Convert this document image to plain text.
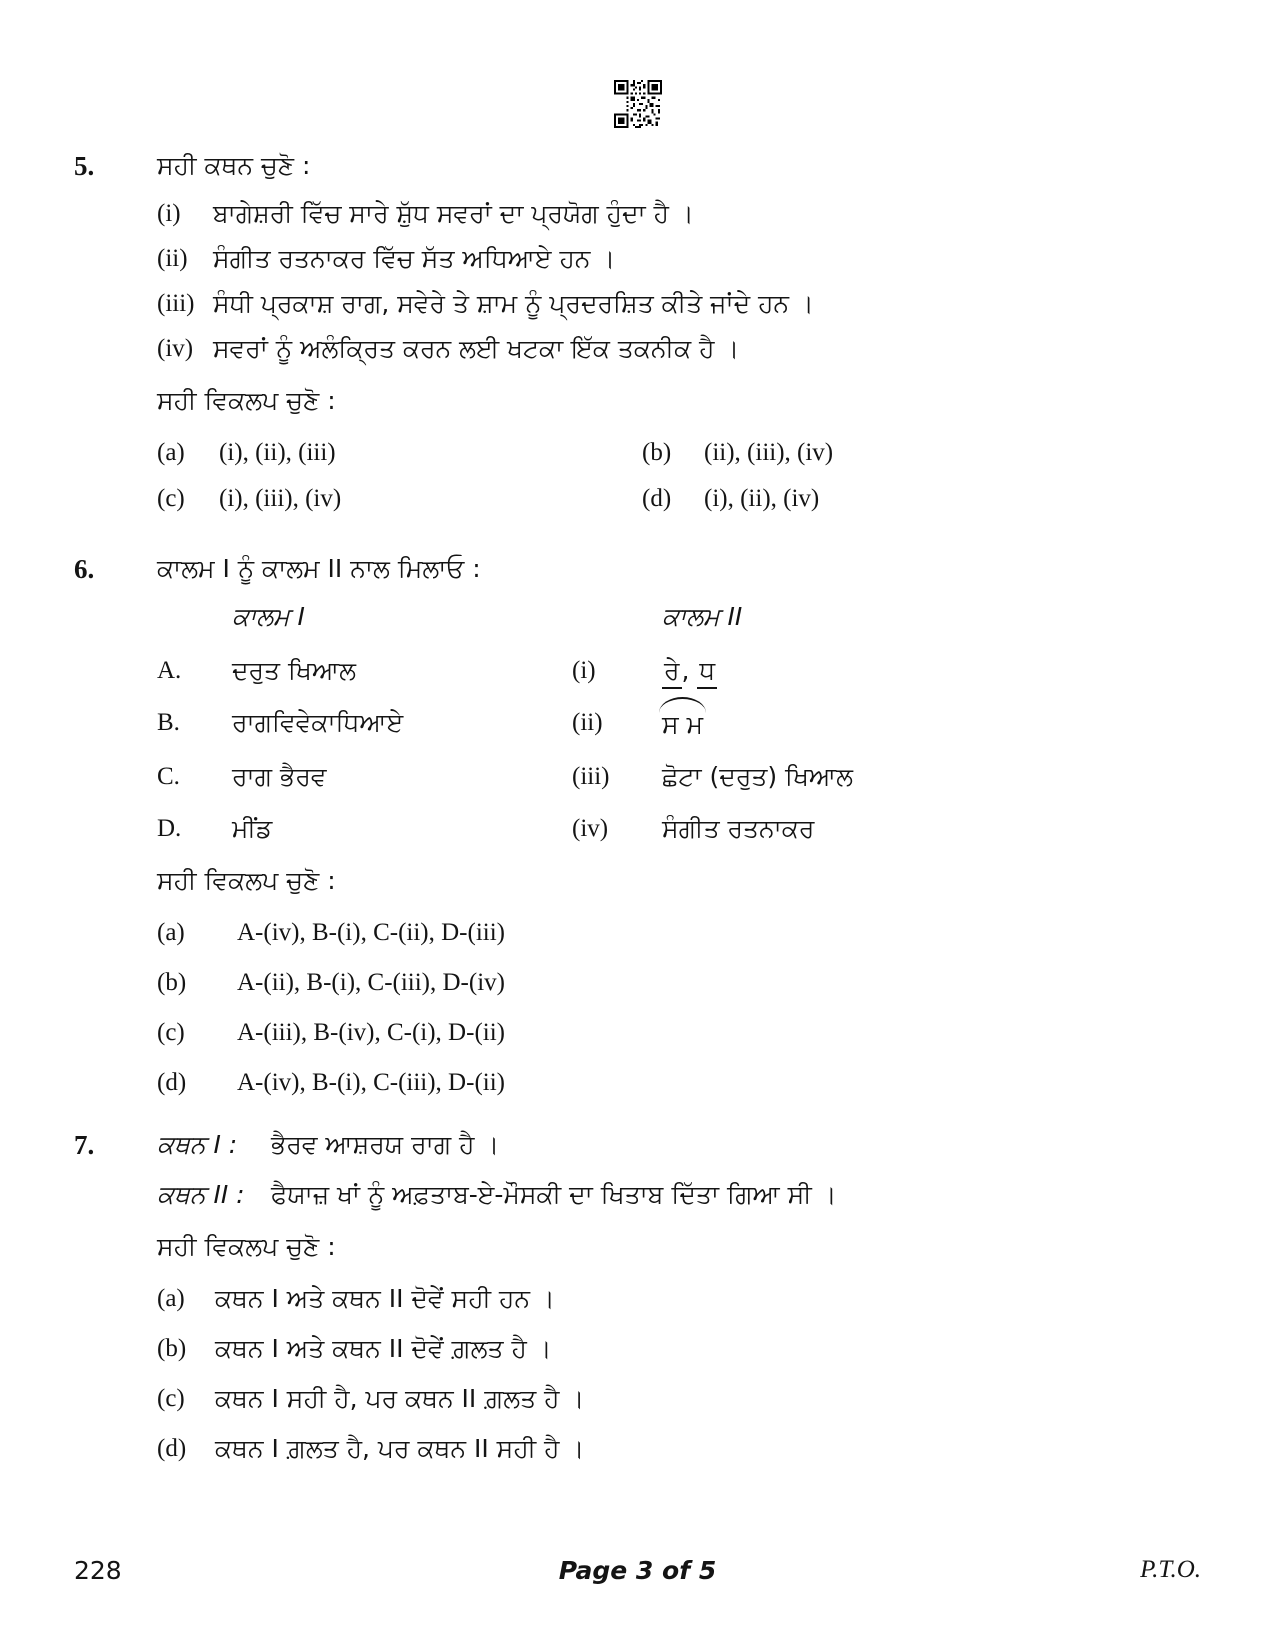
5.	ਸਹੀ ਕਥਨ ਚੁਣੋ :
(i)	ਬਾਗੇਸ਼ਰੀ ਵਿੱਚ ਸਾਰੇ ਸ਼ੁੱਧ ਸਵਰਾਂ ਦਾ ਪ੍ਰਯੋਗ ਹੁੰਦਾ ਹੈ ।
(ii)	ਸੰਗੀਤ ਰਤਨਾਕਰ ਵਿੱਚ ਸੱਤ ਅਧਿਆਏ ਹਨ ।
(iii) ਸੰਧੀ ਪ੍ਰਕਾਸ਼ ਰਾਗ, ਸਵੇਰੇ ਤੇ ਸ਼ਾਮ ਨੂੰ ਪ੍ਰਦਰਸ਼ਿਤ ਕੀਤੇ ਜਾਂਦੇ ਹਨ ।
(iv) ਸਵਰਾਂ ਨੂੰ ਅਲੰਕ੍ਰਿਤ ਕਰਨ ਲਈ ਖਟਕਾ ਇੱਕ ਤਕਨੀਕ ਹੈ ।
ਸਹੀ ਵਿਕਲਪ ਚੁਣੋ :
(a)	(i), (ii), (iii)	(b)	(ii), (iii), (iv)
(c)	(i), (iii), (iv)	(d)	(i), (ii), (iv)
6.	ਕਾਲਮ I ਨੂੰ ਕਾਲਮ II ਨਾਲ ਮਿਲਾਓ :
ਕਾਲਮ I	ਕਾਲਮ II
A.	ਦਰੁਤ ਖਿਆਲ	(i)	ਰੇ, ਧ
B.	ਰਾਗਵਿਵੇਕਾਧਿਆਏ	(ii)	ਸ ਮ
C.	ਰਾਗ ਭੈਰਵ	(iii)	ਛੋਟਾ (ਦਰੁਤ) ਖਿਆਲ
D.	ਮੀਂਡ	(iv)	ਸੰਗੀਤ ਰਤਨਾਕਰ
ਸਹੀ ਵਿਕਲਪ ਚੁਣੋ :
(a)	A-(iv), B-(i), C-(ii), D-(iii)
(b)	A-(ii), B-(i), C-(iii), D-(iv)
(c)	A-(iii), B-(iv), C-(i), D-(ii)
(d)	A-(iv), B-(i), C-(iii), D-(ii)
7.	ਕਥਨ I :	ਭੈਰਵ ਆਸ਼ਰਯ ਰਾਗ ਹੈ ।
ਕਥਨ II :	ਫੈਯਾਜ਼ ਖਾਂ ਨੂੰ ਅਫ਼ਤਾਬ-ਏ-ਮੌਸਕੀ ਦਾ ਖਿਤਾਬ ਦਿੱਤਾ ਗਿਆ ਸੀ ।
ਸਹੀ ਵਿਕਲਪ ਚੁਣੋ :
(a)	ਕਥਨ I ਅਤੇ ਕਥਨ II ਦੋਵੇਂ ਸਹੀ ਹਨ ।
(b)	ਕਥਨ I ਅਤੇ ਕਥਨ II ਦੋਵੇਂ ਗ਼ਲਤ ਹੈ ।
(c)	ਕਥਨ I ਸਹੀ ਹੈ, ਪਰ ਕਥਨ II ਗ਼ਲਤ ਹੈ ।
(d)	ਕਥਨ I ਗ਼ਲਤ ਹੈ, ਪਰ ਕਥਨ II ਸਹੀ ਹੈ ।
228	Page 3 of 5	P.T.O.
